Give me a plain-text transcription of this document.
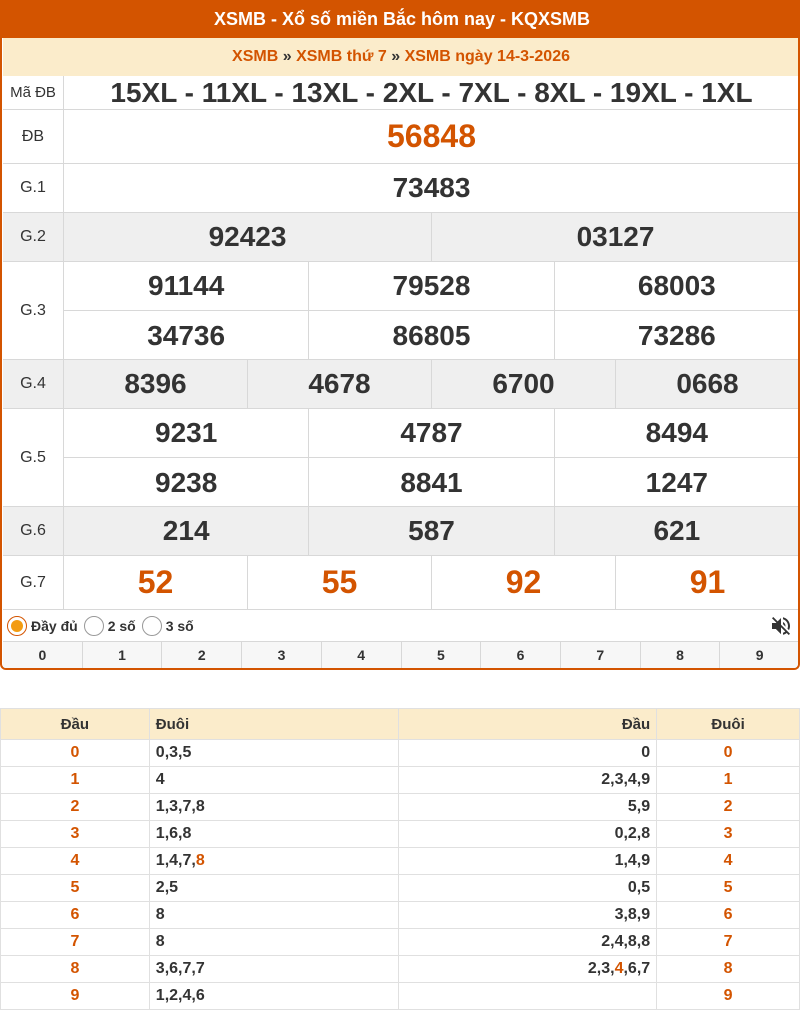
XSMB - Xổ số miền Bắc hôm nay - KQXSMB
XSMB » XSMB thứ 7 » XSMB ngày 14-3-2026
Mã ĐB	15XL - 11XL - 13XL - 2XL - 7XL - 8XL - 19XL - 1XL
ĐB	56848
G.1	73483
G.2	92423	03127
G.3
91144	79528	68003
34736	86805	73286
G.4	8396	4678	6700	0668
G.5
9231	4787	8494
9238	8841	1247
G.6	214	587	621
G.7	52	55	92	91
Đầy đủ 2 số 3 số
0	1	2	3	4	5	6	7	8	9
Đầu	Đuôi	Đầu	Đuôi
0	0,3,5	0	0
1	4	2,3,4,9	1
2	1,3,7,8	5,9	2
3	1,6,8	0,2,8	3
4	1,4,7,8	1,4,9	4
5	2,5	0,5	5
6	8	3,8,9	6
7	8	2,4,8,8	7
8	3,6,7,7	2,3,4,6,7	8
9	1,2,4,6		9
